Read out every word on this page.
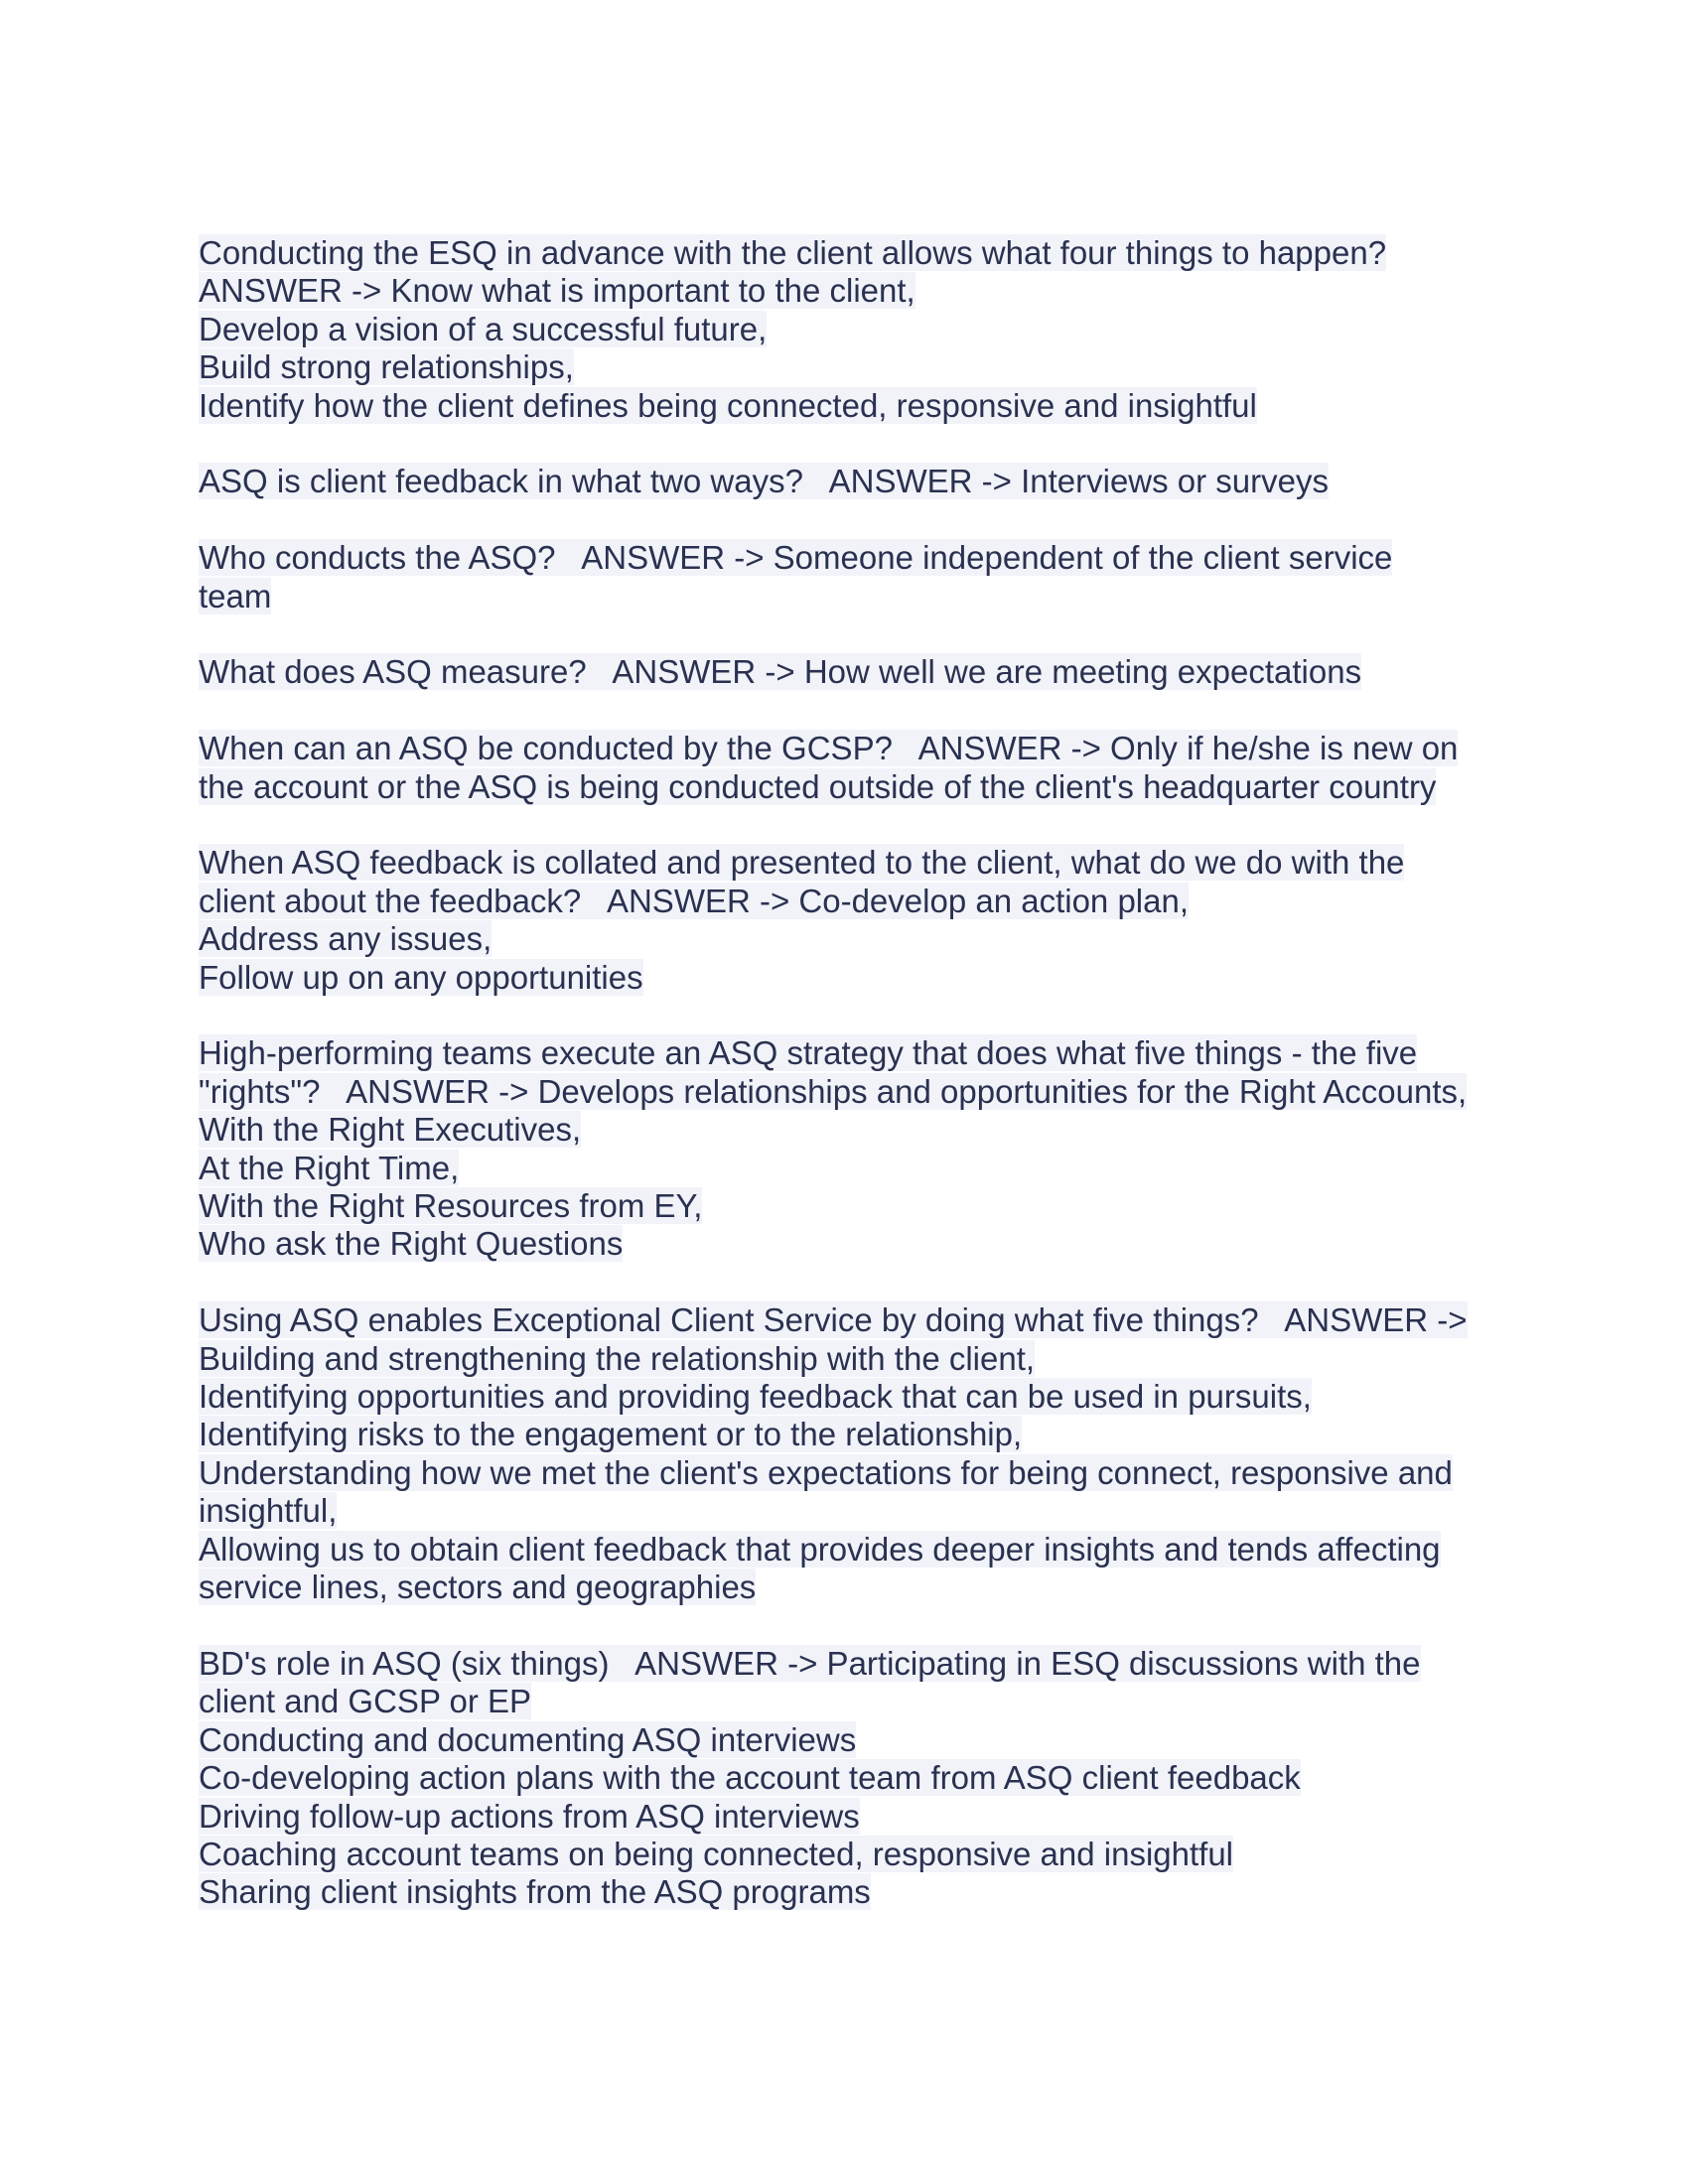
Conducting the ESQ in advance with the client allows what four things to happen?
ANSWER -> Know what is important to the client,
Develop a vision of a successful future,
Build strong relationships,
Identify how the client defines being connected, responsive and insightful
ASQ is client feedback in what two ways?   ANSWER -> Interviews or surveys
Who conducts the ASQ?   ANSWER -> Someone independent of the client service
team
What does ASQ measure?   ANSWER -> How well we are meeting expectations
When can an ASQ be conducted by the GCSP?   ANSWER -> Only if he/she is new on
the account or the ASQ is being conducted outside of the client's headquarter country
When ASQ feedback is collated and presented to the client, what do we do with the
client about the feedback?   ANSWER -> Co-develop an action plan,
Address any issues,
Follow up on any opportunities
High-performing teams execute an ASQ strategy that does what five things - the five
"rights"?   ANSWER -> Develops relationships and opportunities for the Right Accounts,
With the Right Executives,
At the Right Time,
With the Right Resources from EY,
Who ask the Right Questions
Using ASQ enables Exceptional Client Service by doing what five things?   ANSWER ->
Building and strengthening the relationship with the client,
Identifying opportunities and providing feedback that can be used in pursuits,
Identifying risks to the engagement or to the relationship,
Understanding how we met the client's expectations for being connect, responsive and
insightful,
Allowing us to obtain client feedback that provides deeper insights and tends affecting
service lines, sectors and geographies
BD's role in ASQ (six things)   ANSWER -> Participating in ESQ discussions with the
client and GCSP or EP
Conducting and documenting ASQ interviews
Co-developing action plans with the account team from ASQ client feedback
Driving follow-up actions from ASQ interviews
Coaching account teams on being connected, responsive and insightful
Sharing client insights from the ASQ programs
